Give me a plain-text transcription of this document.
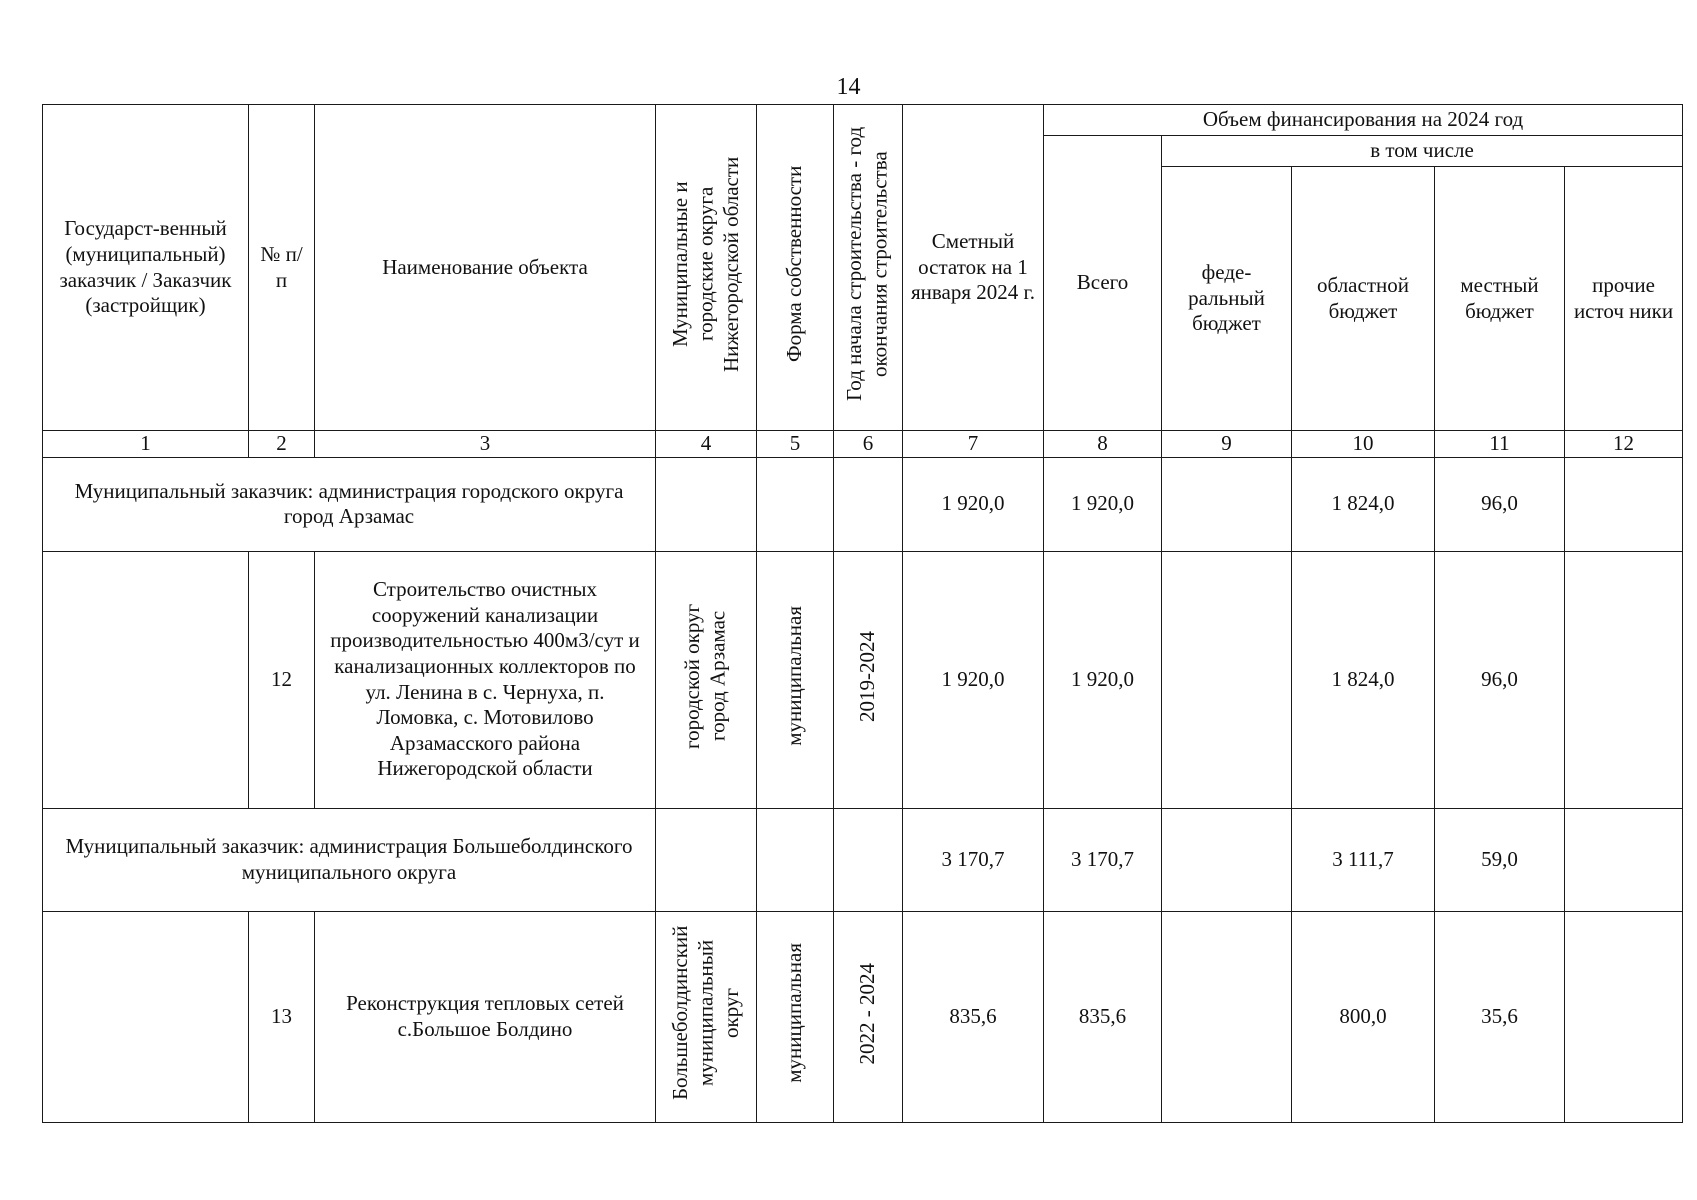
14
Государст-венный (муниципальный) заказчик / Заказчик (застройщик)	№ п/п	Наименование объекта	Муниципальные и городские округа Нижегородской области	Форма собственности	Год начала строительства - год окончания строительства	Сметный остаток на 1 января 2024 г.	Объем финансирования на 2024 год				
							Всего	в том числе			
								феде-ральный бюджет	областной бюджет	местный бюджет	прочие источ ники
1	2	3	4	5	6	7	8	9	10	11	12
Муниципальный заказчик: администрация городского округа город Арзамас						1 920,0	1 920,0		1 824,0	96,0	
	12	Строительство очистных сооружений канализации производительностью 400м3/сут и канализационных коллекторов по ул. Ленина в с. Чернуха, п. Ломовка, с. Мотовилово Арзамасского района Нижегородской области	городской округ город Арзамас	муниципальная	2019-2024	1 920,0	1 920,0		1 824,0	96,0	
Муниципальный заказчик: администрация Большеболдинского муниципального округа						3 170,7	3 170,7		3 111,7	59,0	
	13	Реконструкция тепловых сетей с.Большое Болдино	Большеболдинский муниципальный округ	муниципальная	2022 - 2024	835,6	835,6		800,0	35,6	
